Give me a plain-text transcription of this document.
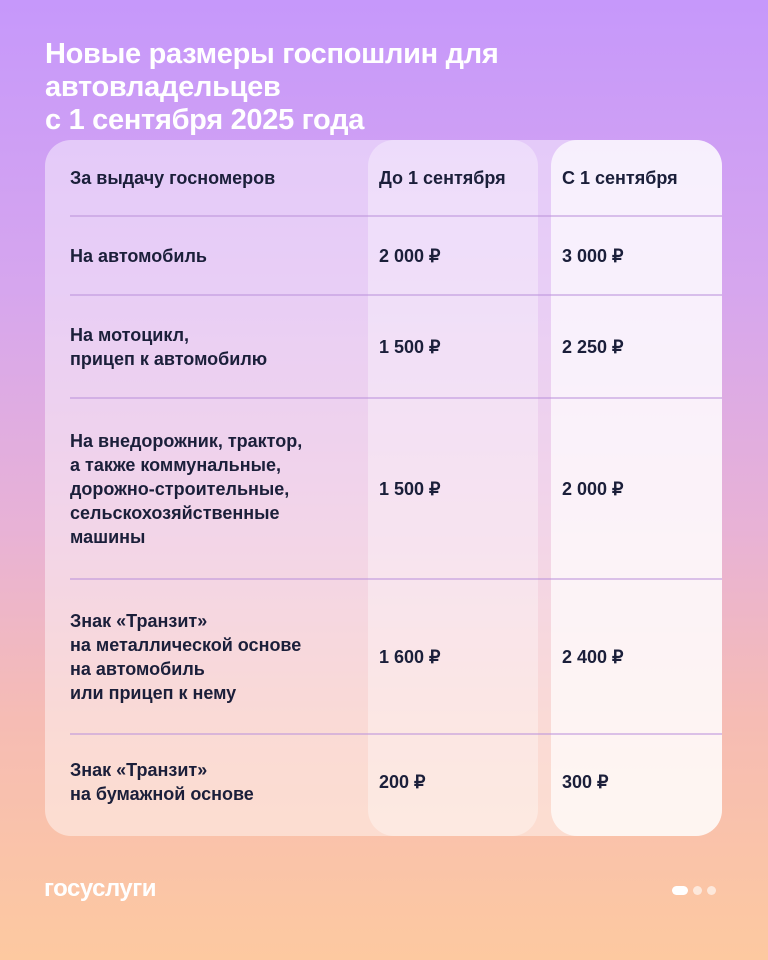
Новые размеры госпошлин для автовладельцев
с 1 сентября 2025 года
За выдачу госномеров	До 1 сентября	С 1 сентября
На автомобиль	2 000 ₽	3 000 ₽
На мотоцикл,
прицеп к автомобилю
1 500 ₽	2 250 ₽
На внедорожник, трактор,
а также коммунальные,
дорожно-строительные,
сельскохозяйственные
машины
1 500 ₽	2 000 ₽
Знак «Транзит»
на металлической основе
на автомобиль
или прицеп к нему
1 600 ₽	2 400 ₽
Знак «Транзит»
на бумажной основе
200 ₽	300 ₽
госуслуги
